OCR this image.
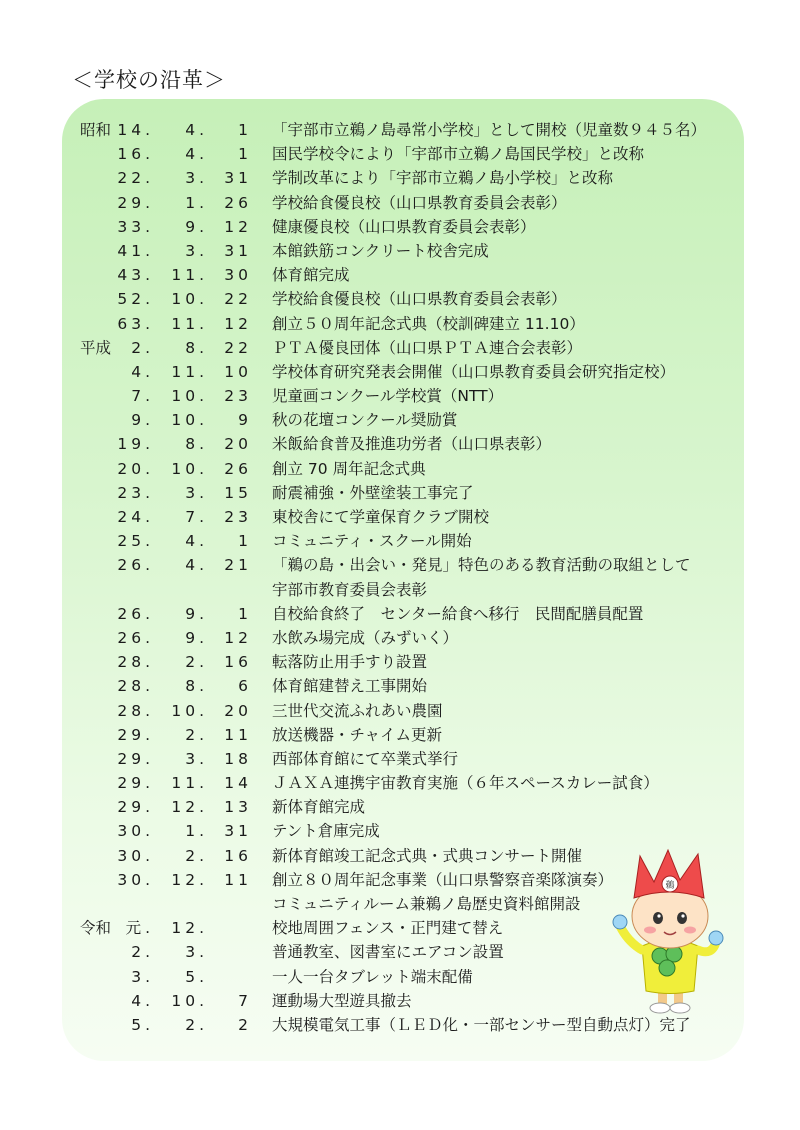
＜学校の沿革＞
昭和 14.	4.	1 「宇部市立鵜ノ島尋常小学校」として開校（児童数９４５名）
16.	4.	1 国民学校令により「宇部市立鵜ノ島国民学校」と改称
22.	3.	31 学制改革により「宇部市立鵜ノ島小学校」と改称
29.	1.	26 学校給食優良校（山口県教育委員会表彰）
33.	9.	12 健康優良校（山口県教育委員会表彰）
41.	3.	31 本館鉄筋コンクリート校舎完成
43. 11.	30 体育館完成
52. 10.	22 学校給食優良校（山口県教育委員会表彰）
63. 11.	12 創立５０周年記念式典（校訓碑建立 11.10）
平成	2.	8.	22 ＰＴＡ優良団体（山口県ＰＴＡ連合会表彰）
4. 11.	10 学校体育研究発表会開催（山口県教育委員会研究指定校）
7. 10.	23 児童画コンクール学校賞（NTT）
9. 10.	9 秋の花壇コンクール奨励賞
19.	8.	20 米飯給食普及推進功労者（山口県表彰）
20. 10.	26 創立 70 周年記念式典
23.	3.	15 耐震補強・外壁塗装工事完了
24.	7.	23 東校舎にて学童保育クラブ開校
25.	4.	1 コミュニティ・スクール開始
26.	4.	21 「鵜の島・出会い・発見」特色のある教育活動の取組として
宇部市教育委員会表彰
26.	9.	1 自校給食終了　センター給食へ移行　民間配膳員配置
26.	9.	12 水飲み場完成（みずいく）
28.	2.	16 転落防止用手すり設置
28.	8.	6 体育館建替え工事開始
28. 10.	20 三世代交流ふれあい農園
29.	2.	11 放送機器・チャイム更新
29.	3.	18 西部体育館にて卒業式挙行
29. 11.	14 ＪＡＸＡ連携宇宙教育実施（６年スペースカレー試食）
29. 12.	13 新体育館完成
30.	1.	31 テント倉庫完成
30.	2.	16 新体育館竣工記念式典・式典コンサート開催
30. 12.	11 創立８０周年記念事業（山口県警察音楽隊演奏）
コミュニティルーム兼鵜ノ島歴史資料館開設
令和 元. 12.	校地周囲フェンス・正門建て替え
2.	3.	普通教室、図書室にエアコン設置
3.	5.	一人一台タブレット端末配備
4. 10.	7 運動場大型遊具撤去
5.	2.	2 大規模電気工事（ＬＥＤ化・一部センサー型自動点灯）完了
鵜
